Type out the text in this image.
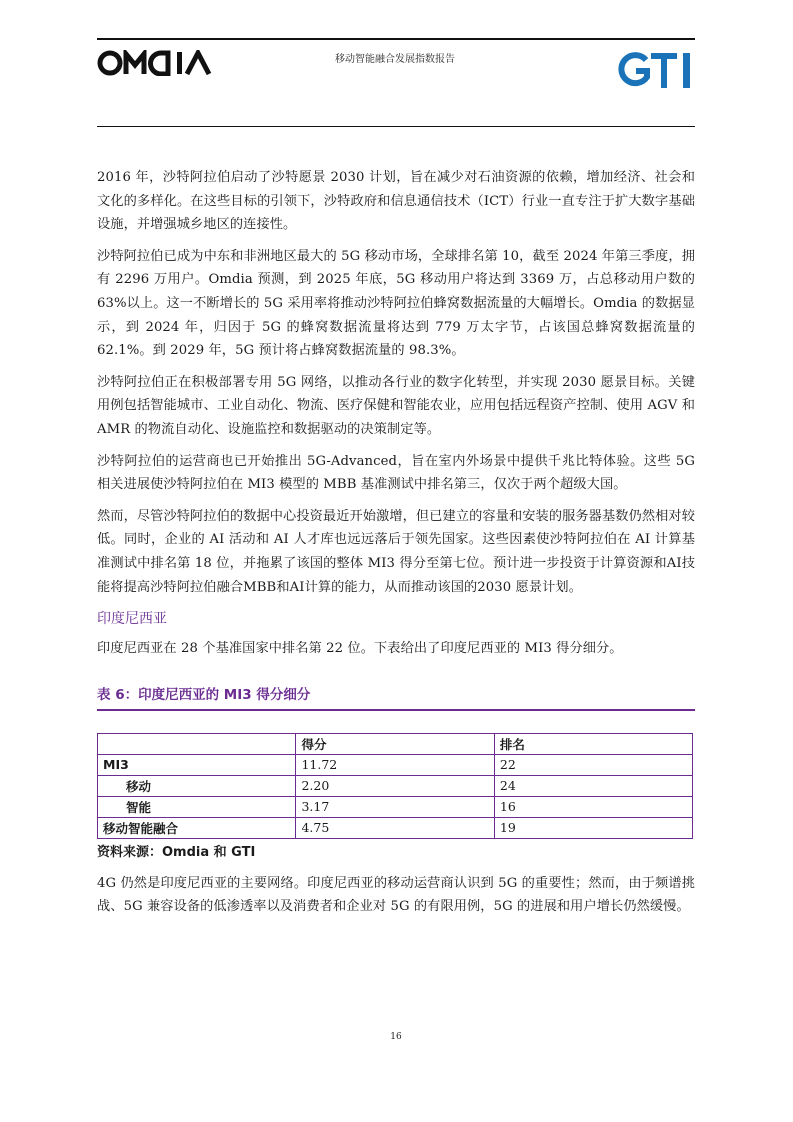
移动智能融合发展指数报告

2016 年，沙特阿拉伯启动了沙特愿景 2030 计划，旨在减少对石油资源的依赖，增加经济、社会和文化的多样化。在这些目标的引领下，沙特政府和信息通信技术（ICT）行业一直专注于扩大数字基础设施，并增强城乡地区的连接性。

沙特阿拉伯已成为中东和非洲地区最大的 5G 移动市场，全球排名第 10，截至 2024 年第三季度，拥有 2296 万用户。Omdia 预测，到 2025 年底，5G 移动用户将达到 3369 万，占总移动用户数的 63%以上。这一不断增长的 5G 采用率将推动沙特阿拉伯蜂窝数据流量的大幅增长。Omdia 的数据显示，到 2024 年，归因于 5G 的蜂窝数据流量将达到 779 万太字节，占该国总蜂窝数据流量的 62.1%。到 2029 年，5G 预计将占蜂窝数据流量的 98.3%。

沙特阿拉伯正在积极部署专用 5G 网络，以推动各行业的数字化转型，并实现 2030 愿景目标。关键用例包括智能城市、工业自动化、物流、医疗保健和智能农业，应用包括远程资产控制、使用 AGV 和 AMR 的物流自动化、设施监控和数据驱动的决策制定等。

沙特阿拉伯的运营商也已开始推出 5G-Advanced，旨在室内外场景中提供千兆比特体验。这些 5G 相关进展使沙特阿拉伯在 MI3 模型的 MBB 基准测试中排名第三，仅次于两个超级大国。

然而，尽管沙特阿拉伯的数据中心投资最近开始激增，但已建立的容量和安装的服务器基数仍然相对较低。同时，企业的 AI 活动和 AI 人才库也远远落后于领先国家。这些因素使沙特阿拉伯在 AI 计算基准测试中排名第 18 位，并拖累了该国的整体 MI3 得分至第七位。预计进一步投资于计算资源和AI技能将提高沙特阿拉伯融合MBB和AI计算的能力，从而推动该国的2030 愿景计划。

印度尼西亚

印度尼西亚在 28 个基准国家中排名第 22 位。下表给出了印度尼西亚的 MI3 得分细分。

表 6：印度尼西亚的 MI3 得分细分
	得分	排名
MI3	11.72	22
移动	2.20	24
智能	3.17	16
移动智能融合	4.75	19
资料来源：Omdia 和 GTI

4G 仍然是印度尼西亚的主要网络。印度尼西亚的移动运营商认识到 5G 的重要性；然而，由于频谱挑战、5G 兼容设备的低渗透率以及消费者和企业对 5G 的有限用例，5G 的进展和用户增长仍然缓慢。

16
